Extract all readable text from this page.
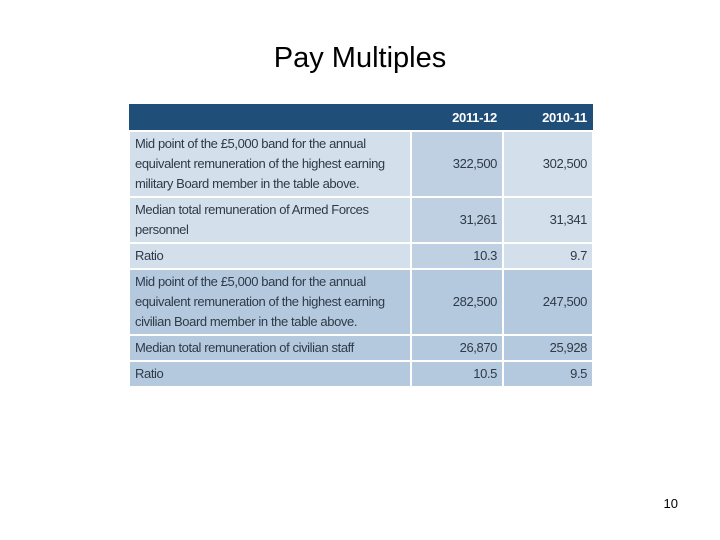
Pay Multiples
	2011-12	2010-11
Mid point of the £5,000 band for the annual equivalent remuneration of the highest earning military Board member in the table above.	322,500	302,500
Median total remuneration of Armed Forces personnel	31,261	31,341
Ratio	10.3	9.7
Mid point of the £5,000 band for the annual equivalent remuneration of the highest earning civilian Board member in the table above.	282,500	247,500
Median total remuneration of civilian staff	26,870	25,928
Ratio	10.5	9.5
10
